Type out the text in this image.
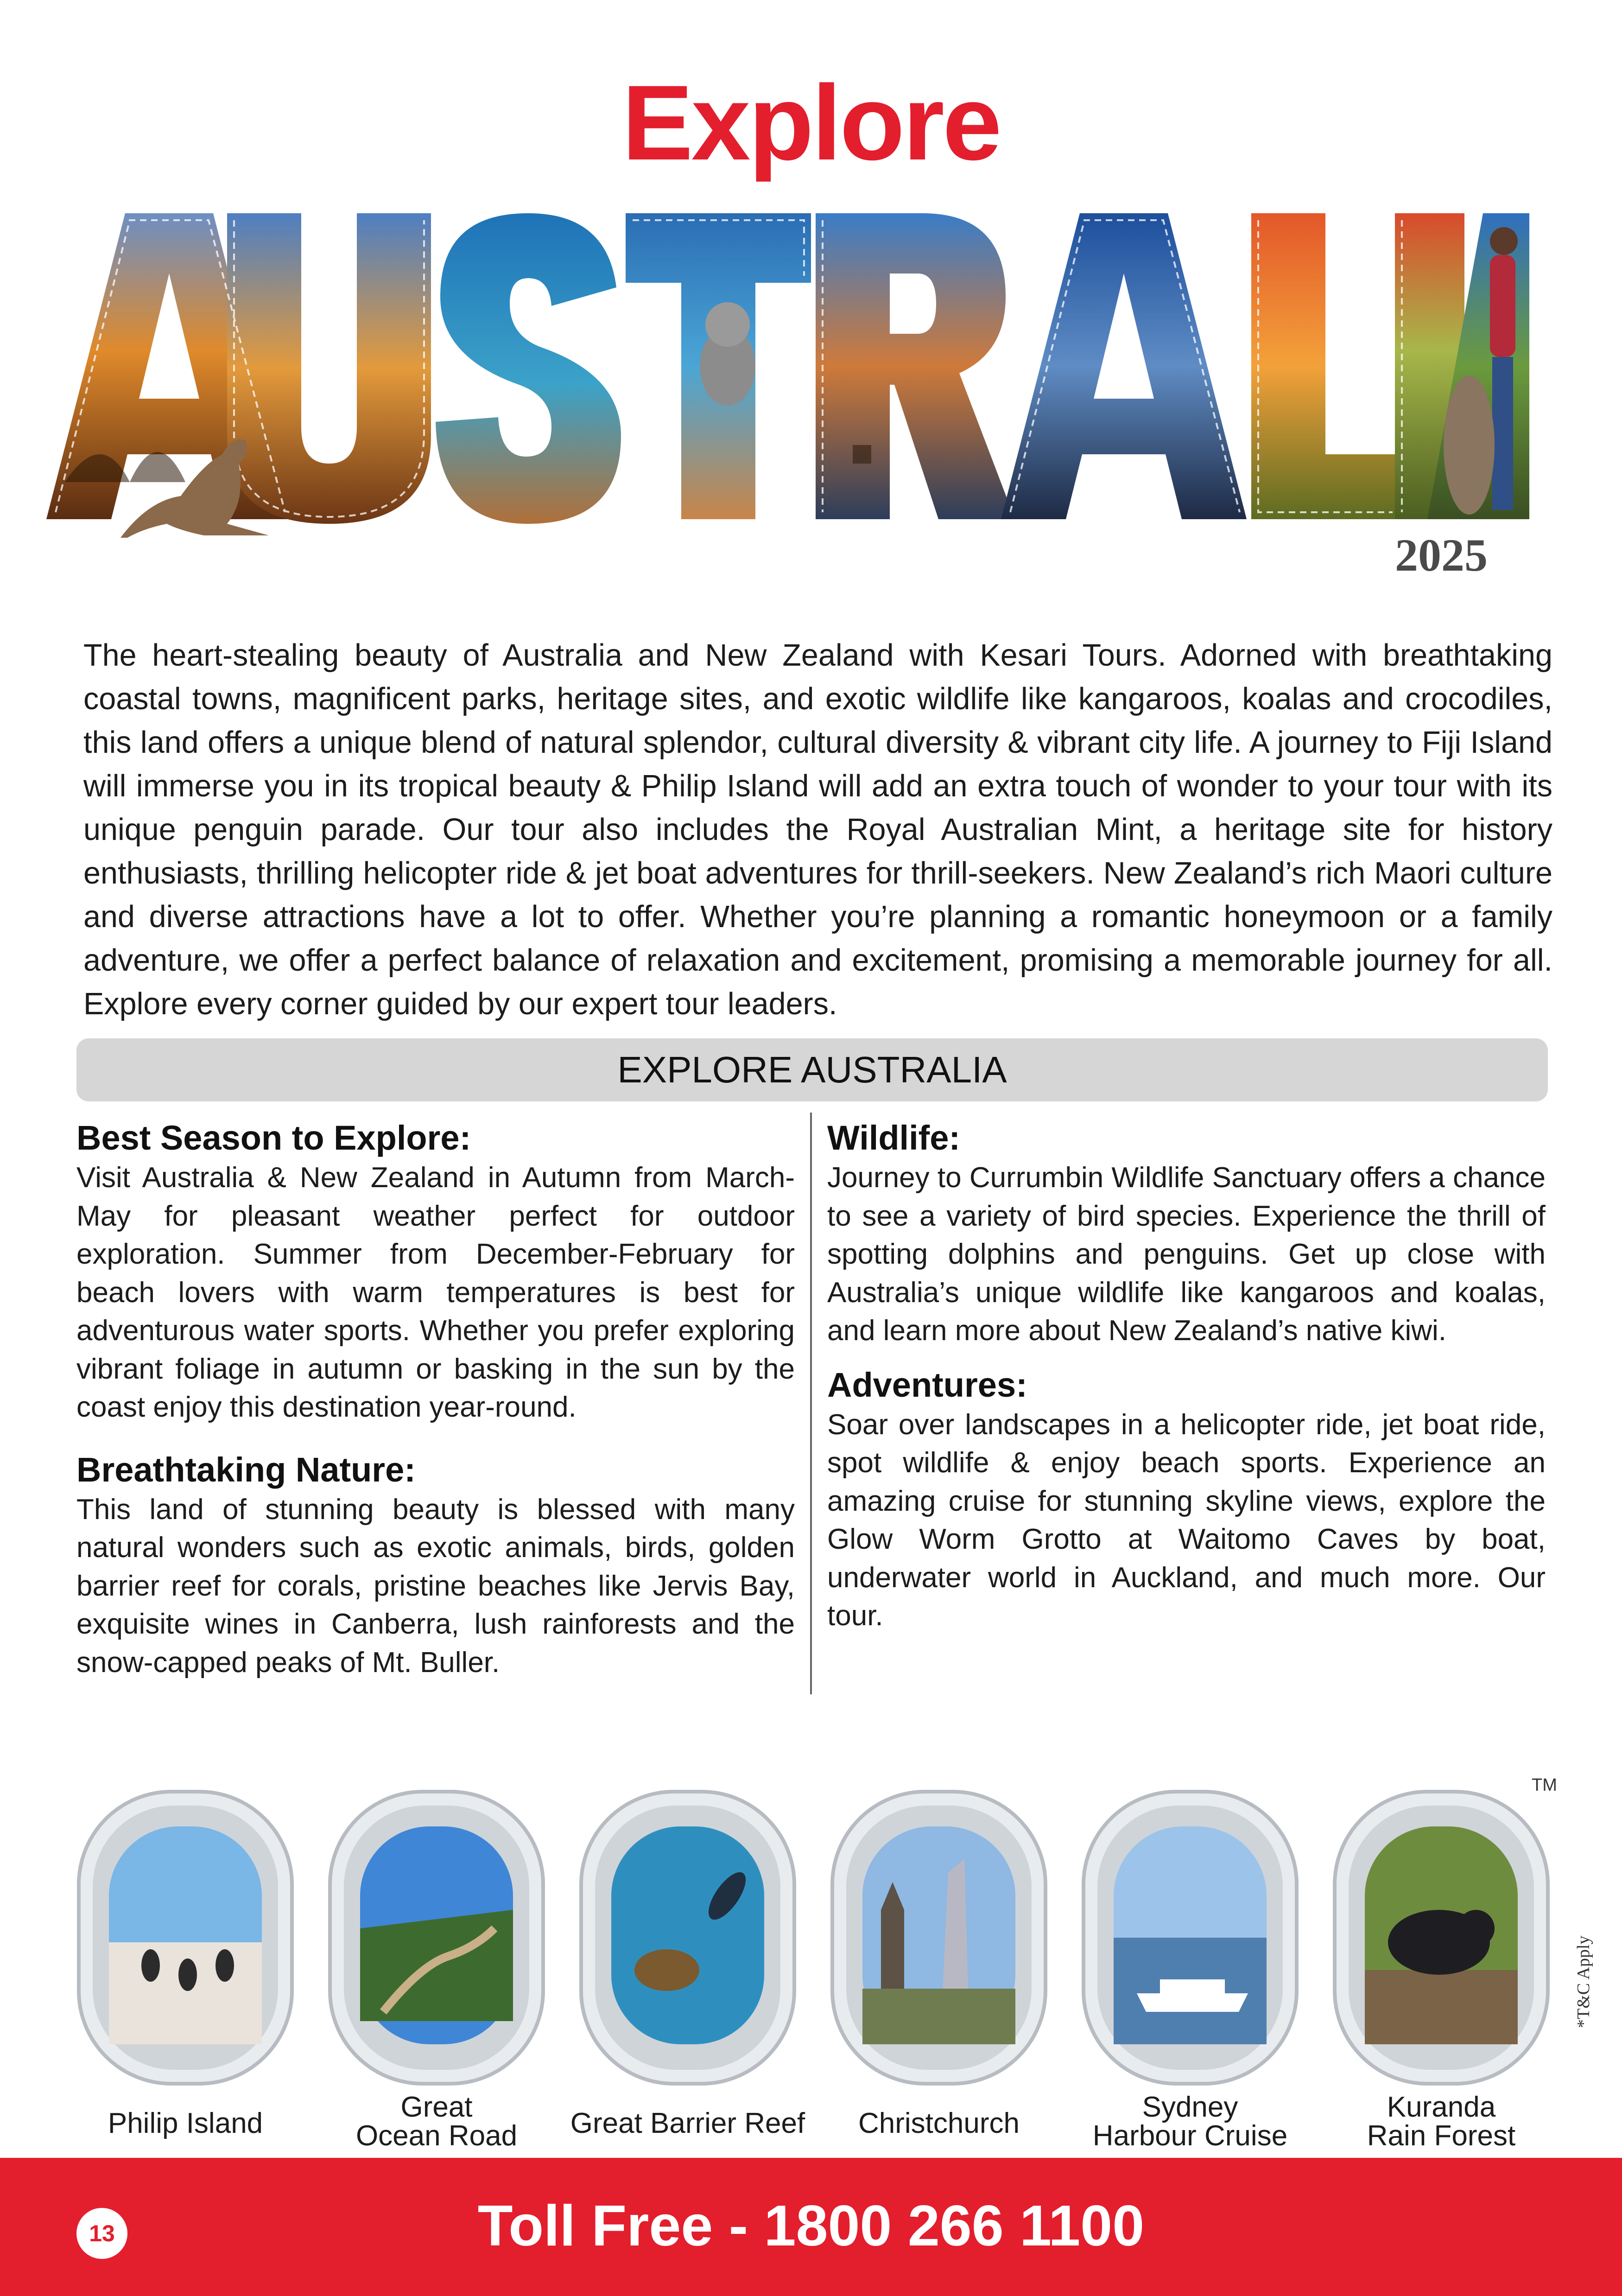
Explore
2025

The heart-stealing beauty of Australia and New Zealand with Kesari Tours. Adorned with breathtaking coastal towns, magnificent parks, heritage sites, and exotic wildlife like kangaroos, koalas and crocodiles, this land offers a unique blend of natural splendor, cultural diversity & vibrant city life. A journey to Fiji Island will immerse you in its tropical beauty & Philip Island will add an extra touch of wonder to your tour with its unique penguin parade. Our tour also includes the Royal Australian Mint, a heritage site for history enthusiasts, thrilling helicopter ride & jet boat adventures for thrill-seekers. New Zealand’s rich Maori culture and diverse attractions have a lot to offer. Whether you’re planning a romantic honeymoon or a family adventure, we offer a perfect balance of relaxation and excitement, promising a memorable journey for all. Explore every corner guided by our expert tour leaders.

EXPLORE AUSTRALIA
Best Season to Explore:

Visit Australia & New Zealand in Autumn from March-May for pleasant weather perfect for outdoor exploration. Summer from December-February for beach lovers with warm temperatures is best for adventurous water sports. Whether you prefer exploring vibrant foliage in autumn or basking in the sun by the coast enjoy this destination year-round.

Breathtaking Nature:

This land of stunning beauty is blessed with many natural wonders such as exotic animals, birds, golden barrier reef for corals, pristine beaches like Jervis Bay, exquisite wines in Canberra, lush rainforests and the snow-capped peaks of Mt. Buller.

Wildlife:

Journey to Currumbin Wildlife Sanctuary offers a chance to see a variety of bird species. Experience the thrill of spotting dolphins and penguins. Get up close with Australia’s unique wildlife like kangaroos and koalas, and learn more about New Zealand’s native kiwi.

Adventures:

Soar over landscapes in a helicopter ride, jet boat ride, spot wildlife & enjoy beach sports. Experience an amazing cruise for stunning skyline views, explore the Glow Worm Grotto at Waitomo Caves by boat, underwater world in Auckland, and much more. Our tour.

TM
*T&C Apply
Philip Island

Great
Ocean Road	Great Barrier Reef	Christchurch

Sydney
Harbour Cruise
Kuranda
Rain Forest
13	Toll Free - 1800 266 1100
